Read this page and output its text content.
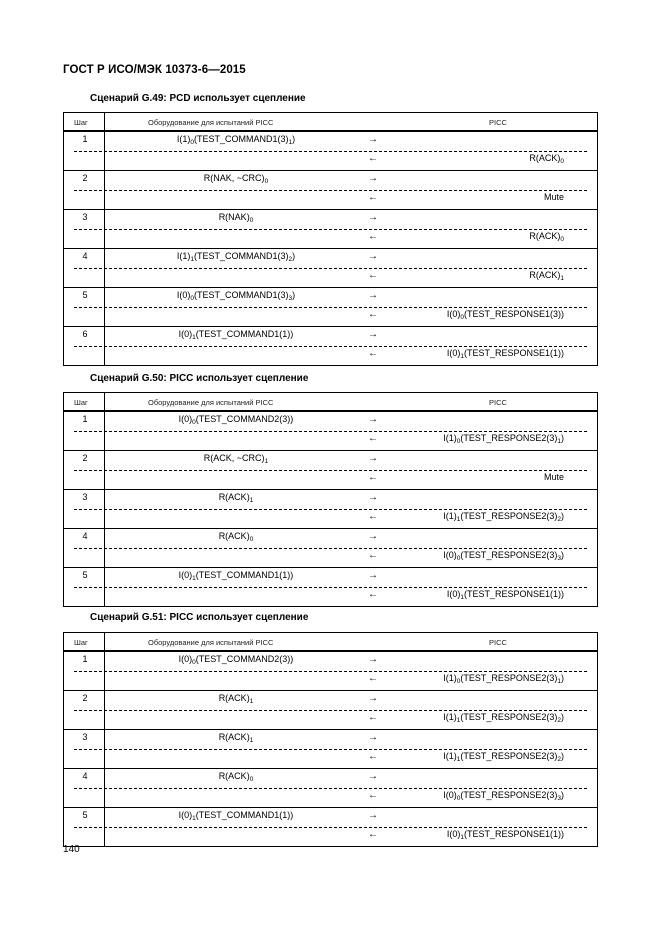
ГОСТ Р ИСО/МЭК 10373-6—2015
Сценарий G.49: PCD использует сцепление
Шаг	Оборудование для испытаний PICC	PICC
1	$I(1)_0(TEST\_COMMAND1(3)_1)$	→
←	$R(ACK)_0$
2	R(NAK, $\sim CRC)_0$	→
←	Mute
3	$R(NAK)_0$	→
←	$R(ACK)_0$
4	$I(1)_1(TEST\_COMMAND1(3)_2)$	→
←	$R(ACK)_1$
5	$I(0)_0(TEST\_COMMAND1(3)_3)$	→
←	$I(0)_0(TEST\_RESPONSE1(3))$
6	$I(0)_1(TEST\_COMMAND1(1))$	→
←	$I(0)_1(TEST\_RESPONSE1(1))$
Сценарий G.50: PICC использует сцепление
Шаг	Оборудование для испытаний PICC	PICC
1	$I(0)_0(TEST\_COMMAND2(3))$	→
←	$I(1)_0(TEST\_RESPONSE2(3)_1)$
2	R(ACK, $\sim CRC)_1$	→
←	Mute
3	$R(ACK)_1$	→
←	$I(1)_1(TEST\_RESPONSE2(3)_2)$
4	$R(ACK)_0$	→
←	$I(0)_0(TEST\_RESPONSE2(3)_3)$
5	$I(0)_1(TEST\_COMMAND1(1))$	→
←	$I(0)_1(TEST\_RESPONSE1(1))$
Сценарий G.51: PICC использует сцепление
Шаг	Оборудование для испытаний PICC	PICC
1	$I(0)_0(TEST\_COMMAND2(3))$	→
←	$I(1)_0(TEST\_RESPONSE2(3)_1)$
2	$R(ACK)_1$	→
←	$I(1)_1(TEST\_RESPONSE2(3)_2)$
3	$R(ACK)_1$	→
←	$I(1)_1(TEST\_RESPONSE2(3)_2)$
4	$R(ACK)_0$	→
←	$I(0)_0(TEST\_RESPONSE2(3)_3)$
5	$I(0)_1(TEST\_COMMAND1(1))$	→
←	$I(0)_1(TEST\_RESPONSE1(1))$
140
